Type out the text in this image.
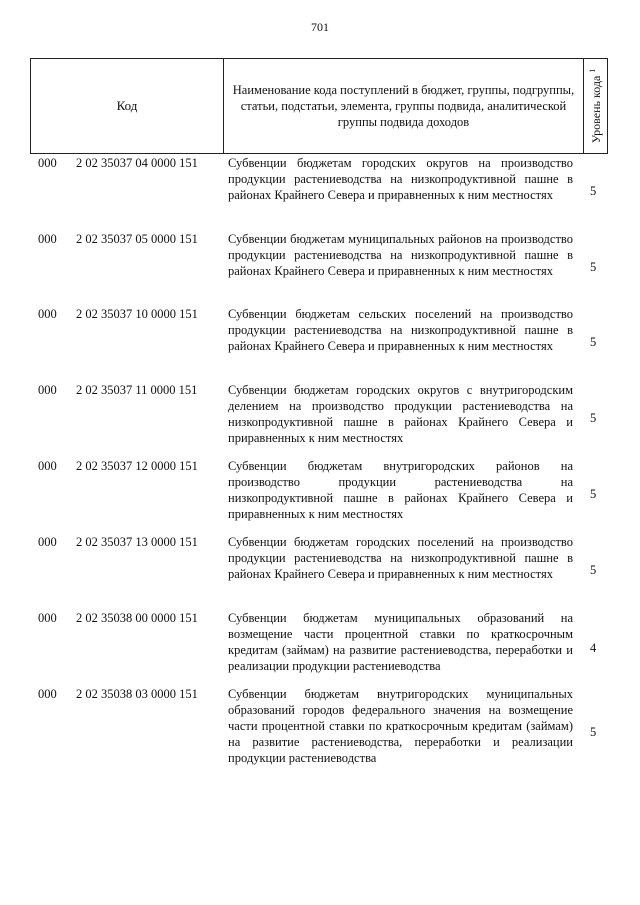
701
Код
Наименование кода поступлений в бюджет, группы, подгруппы, статьи, подстатьи, элемента, группы подвида, аналитической группы подвида доходов	Уровень кода $^1$
000 2 02 35037 04 0000 151 Субвенции бюджетам городских округов на производство продукции растениеводства на низкопродуктивной пашне в районах Крайнего Севера и приравненных к ним местностях	5
000 2 02 35037 05 0000 151 Субвенции бюджетам муниципальных районов на производство продукции растениеводства на низкопродуктивной пашне в районах Крайнего Севера и приравненных к ним местностях	5
000 2 02 35037 10 0000 151 Субвенции бюджетам сельских поселений на производство продукции растениеводства на низкопродуктивной пашне в районах Крайнего Севера и приравненных к ним местностях	5
000 2 02 35037 11 0000 151 Субвенции бюджетам городских округов с внутригородским делением на производство продукции растениеводства на низкопродуктивной пашне в районах Крайнего Севера и приравненных к ним местностях
5
000 2 02 35037 12 0000 151 Субвенции бюджетам внутригородских районов на производство продукции растениеводства на низкопродуктивной пашне в районах Крайнего Севера и приравненных к ним местностях
5
000 2 02 35037 13 0000 151 Субвенции бюджетам городских поселений на производство продукции растениеводства на низкопродуктивной пашне в районах Крайнего Севера и приравненных к ним местностях	5
000 2 02 35038 00 0000 151 Субвенции бюджетам муниципальных образований на возмещение части процентной ставки по краткосрочным кредитам (займам) на развитие растениеводства, переработки и реализации продукции растениеводства
4
000 2 02 35038 03 0000 151 Субвенции бюджетам внутригородских муниципальных образований городов федерального значения на возмещение части процентной ставки по краткосрочным кредитам (займам) на развитие растениеводства, переработки и реализации продукции растениеводства
5
